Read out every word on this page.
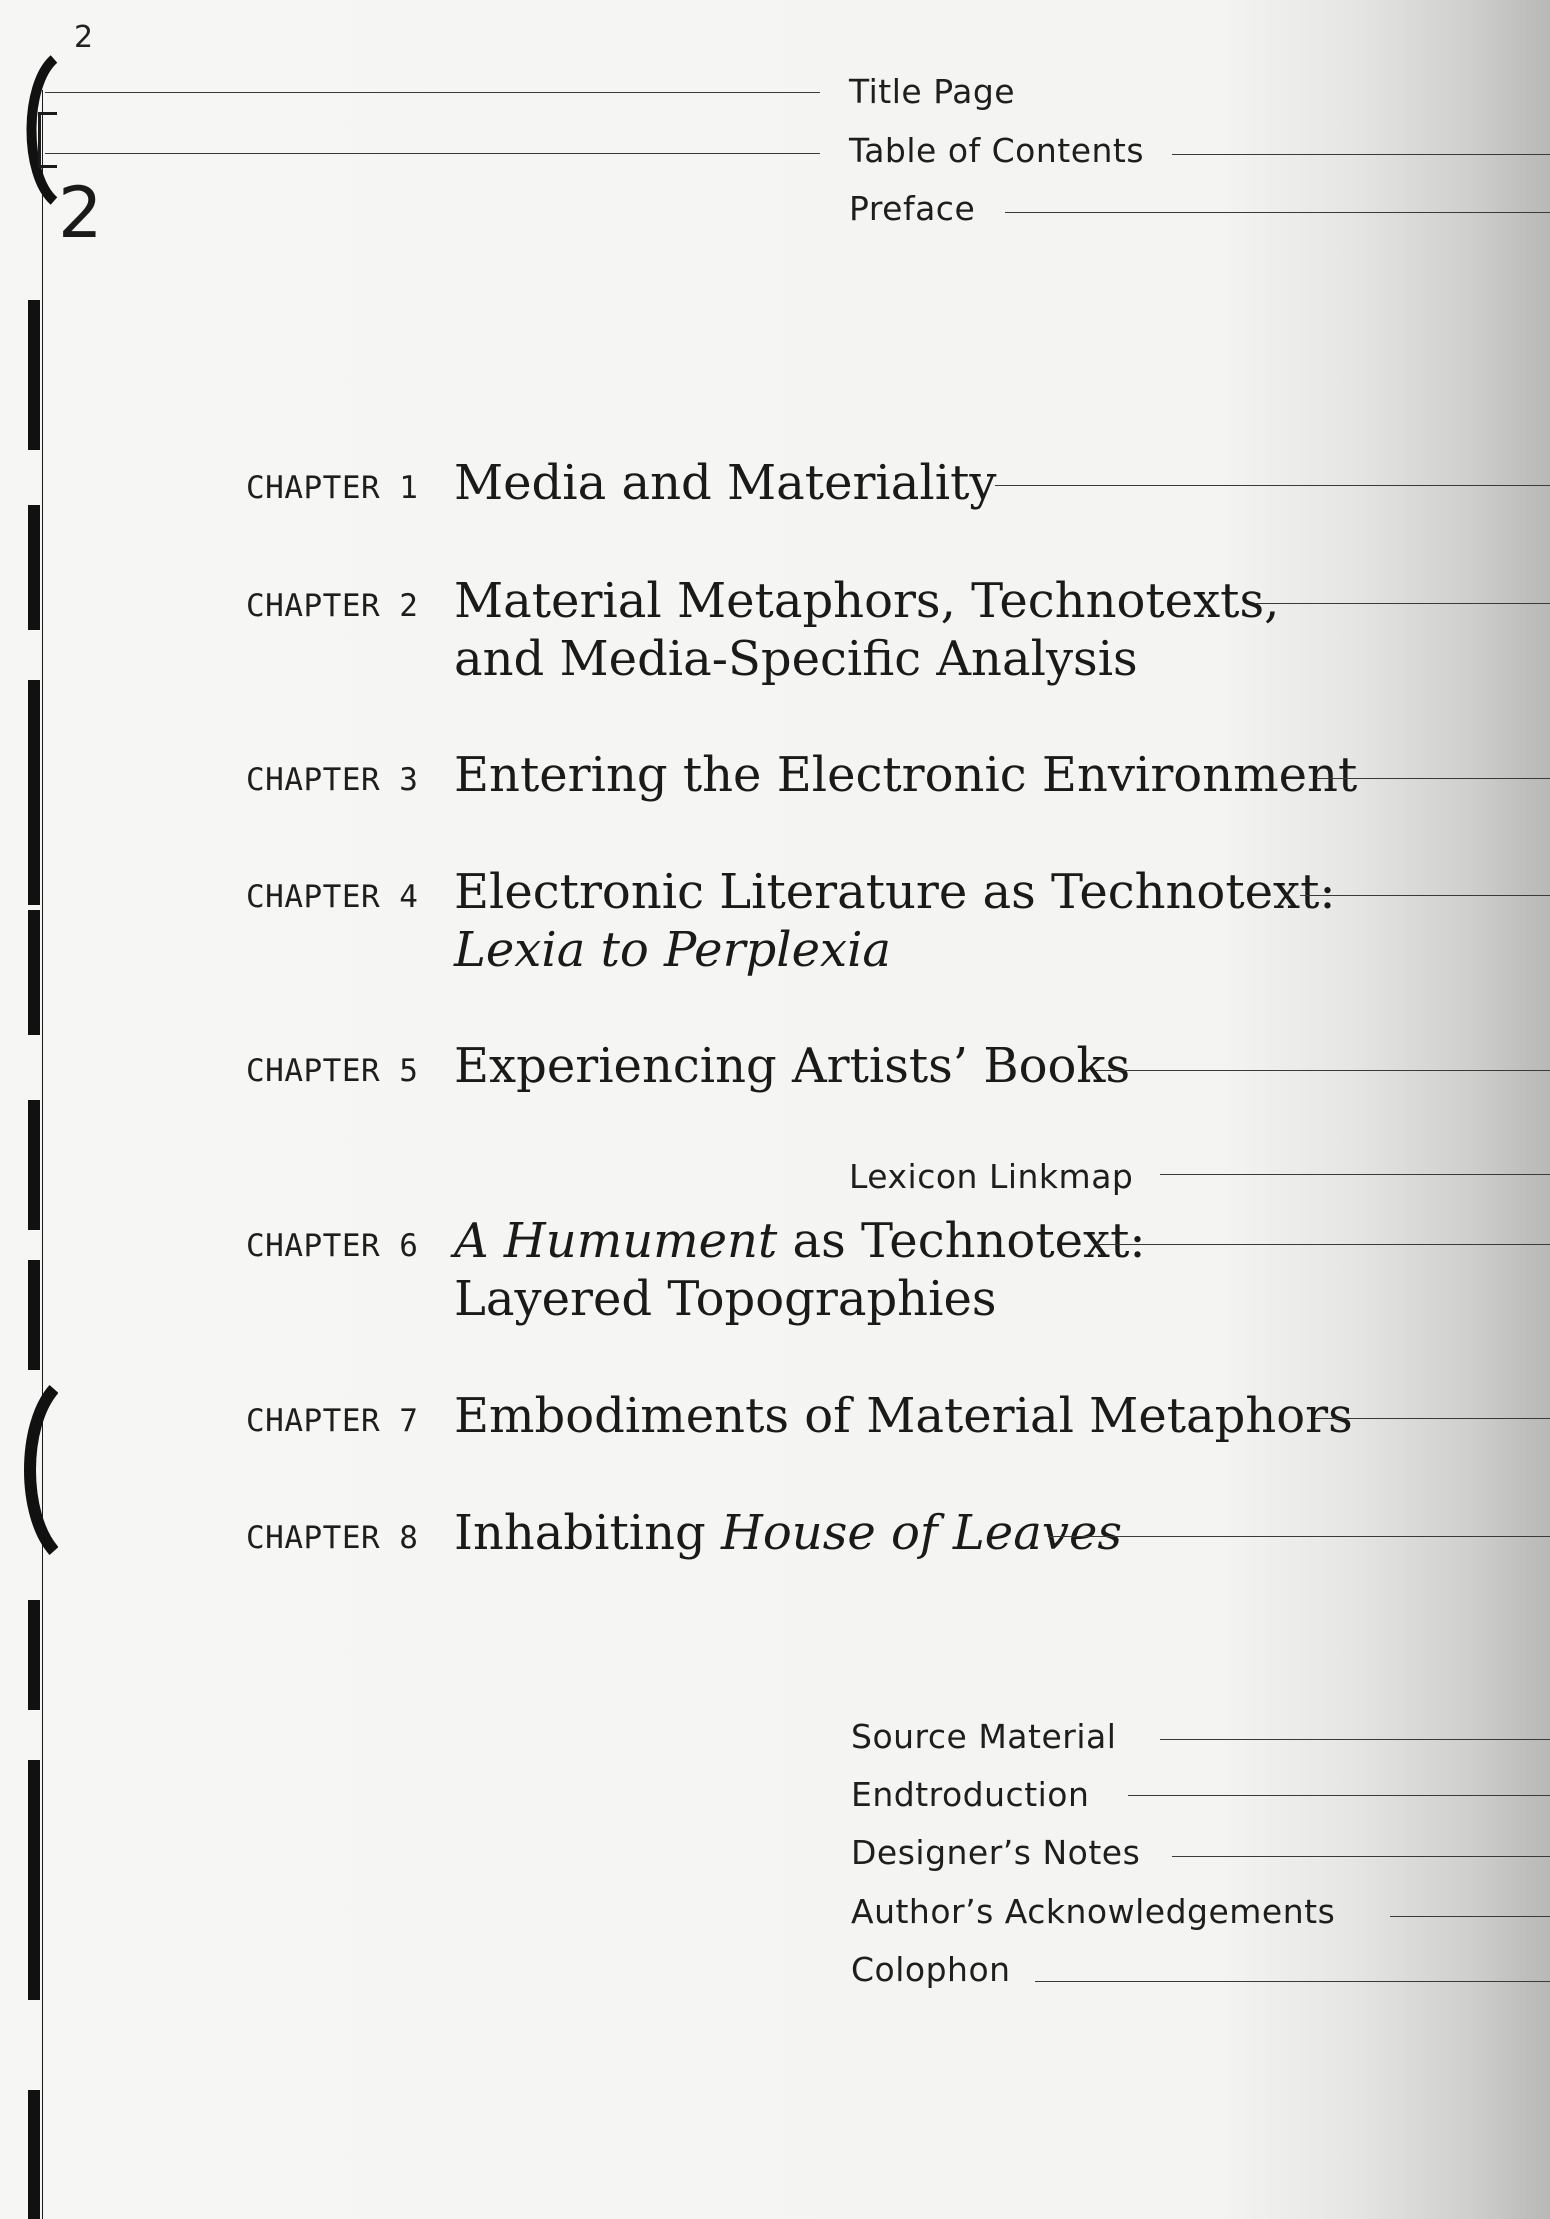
2
2
Title Page
Table of Contents
Preface
CHAPTER 1 Media and Materiality
CHAPTER 2 Material Metaphors, Technotexts,
and Media-Specific Analysis
CHAPTER 3 Entering the Electronic Environment
CHAPTER 4 Electronic Literature as Technotext:
Lexia to Perplexia
CHAPTER 5 Experiencing Artists’ Books
Lexicon Linkmap
CHAPTER 6 A Humument as Technotext:
Layered Topographies
CHAPTER 7 Embodiments of Material Metaphors
CHAPTER 8 Inhabiting House of Leaves
Source Material
Endtroduction
Designer’s Notes
Author’s Acknowledgements
Colophon
